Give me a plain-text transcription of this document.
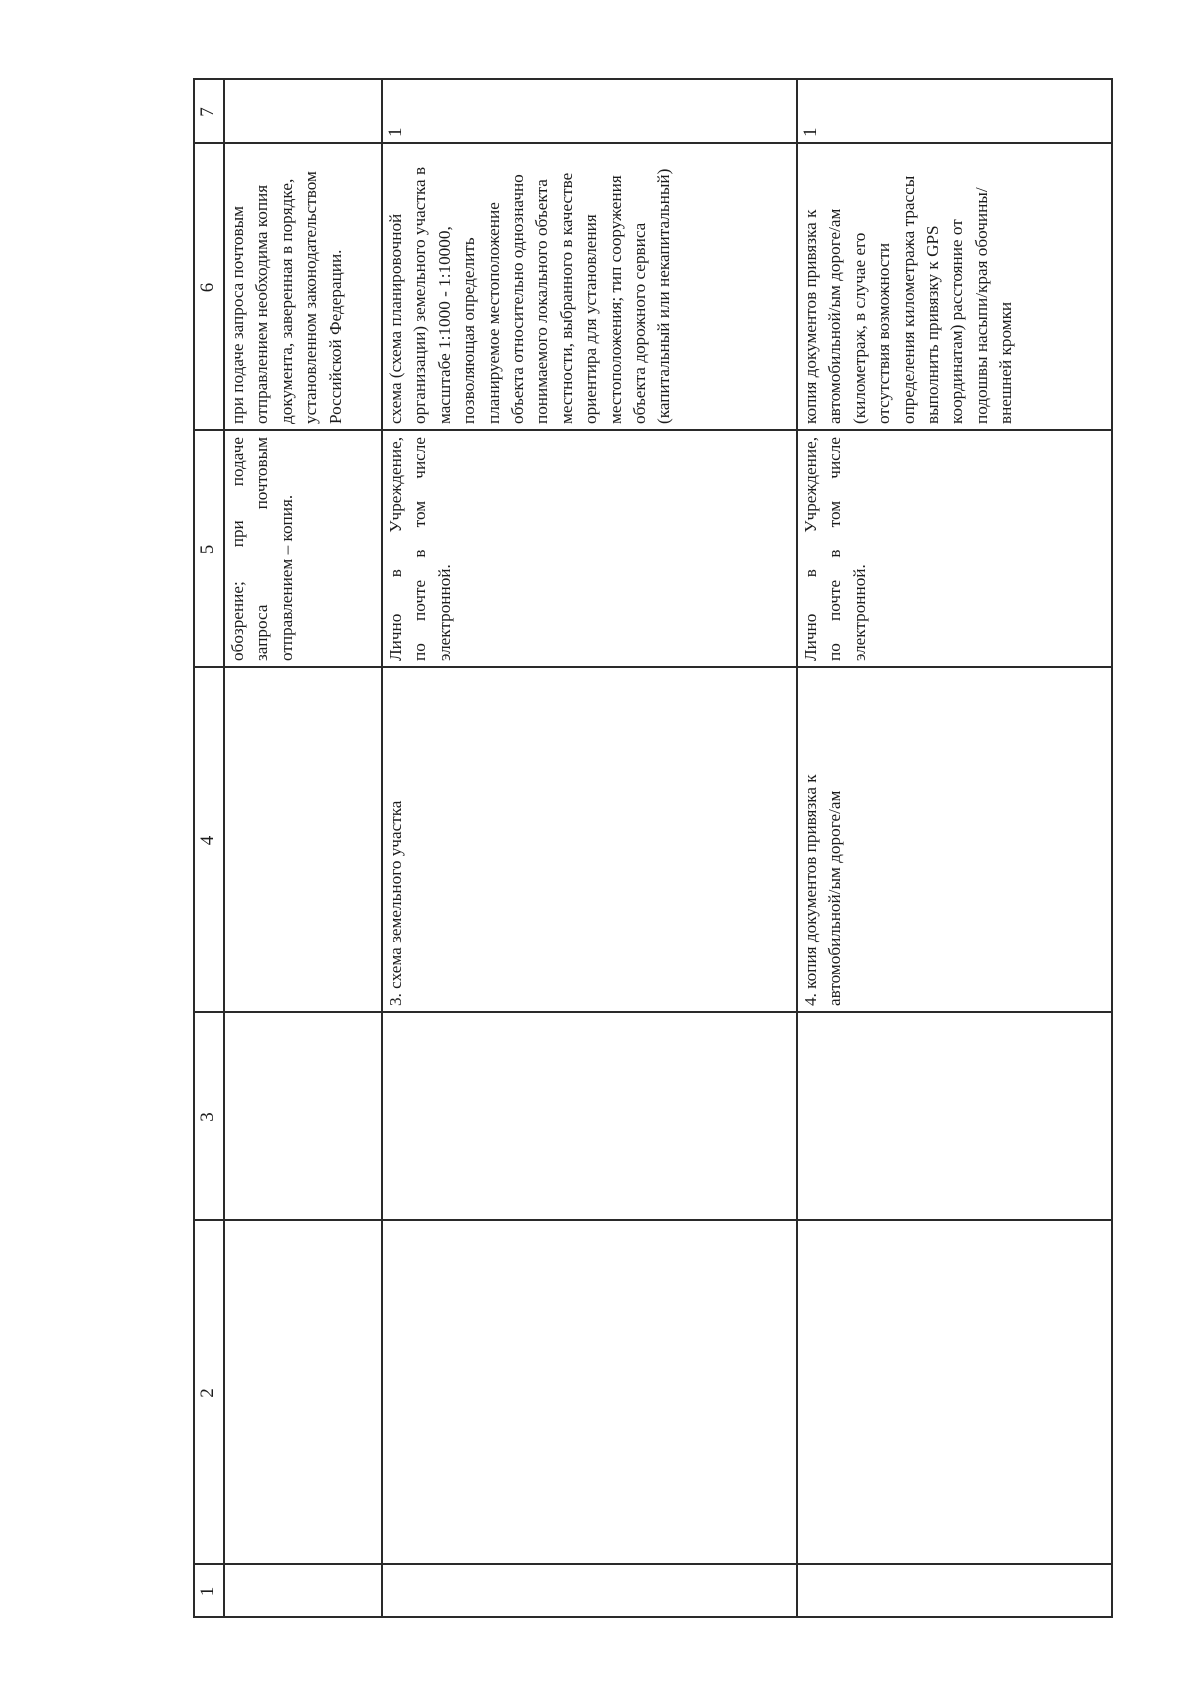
1
2
3
4
5
6
7
обозрение; при подаче запроса почтовым отправлением – копия.
при подаче запроса почтовым отправлением необходима копия документа, заверенная в порядке, установленном законодательством Российской Федерации.
3. схема земельного участка
Лично в Учреждение, по почте в том числе электронной.
схема (схема планировочной организации) земельного участка в масштабе 1:1000 - 1:10000, позволяющая определить планируемое местоположение объекта относительно однозначно понимаемого локального объекта местности, выбранного в качестве ориентира для установления местоположения; тип сооружения объекта дорожного сервиса (капитальный или некапитальный)
1
4. копия документов привязка к автомобильной/ым дороге/ам
Лично в Учреждение, по почте в том числе электронной.
копия документов привязка к автомобильной/ым дороге/ам (километраж, в случае его отсутствия возможности определения километража трассы выполнить привязку к GPS координатам) расстояние от подошвы насыпи/края обочины/внешней кромки
1
